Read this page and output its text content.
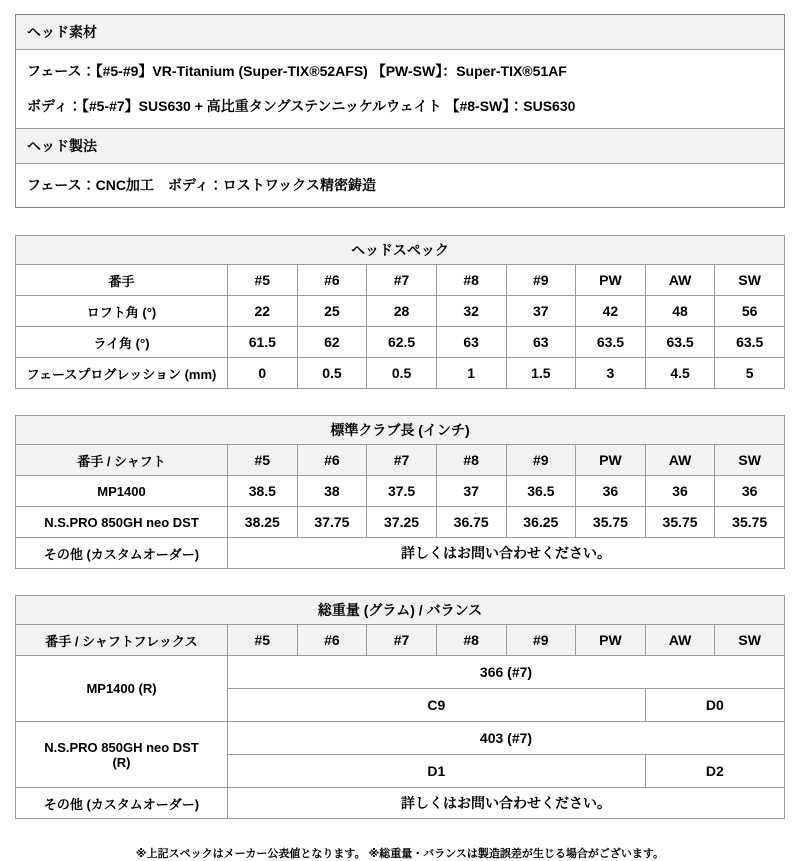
ヘッド素材

フェース：【#5-#9】VR-Titanium (Super-TIX®52AFS) 【PW-SW】：Super-TIX®51AF

ボディ：【#5-#7】SUS630 + 高比重タングステンニッケルウェイト 【#8-SW】：SUS630

ヘッド製法

フェース：CNC加工　ボディ：ロストワックス精密鋳造

ヘッドスペック								
番手	#5	#6	#7	#8	#9	PW	AW	SW
ロフト角 (°)	22	25	28	32	37	42	48	56
ライ角 (°)	61.5	62	62.5	63	63	63.5	63.5	63.5
フェースプログレッション (mm)	0	0.5	0.5	1	1.5	3	4.5	5
標準クラブ長 (インチ)								
番手 / シャフト	#5	#6	#7	#8	#9	PW	AW	SW
MP1400	38.5	38	37.5	37	36.5	36	36	36
N.S.PRO 850GH neo DST	38.25	37.75	37.25	36.75	36.25	35.75	35.75	35.75
その他 (カスタムオーダー)	詳しくはお問い合わせください。							
総重量 (グラム) / バランス								
番手 / シャフトフレックス	#5	#6	#7	#8	#9	PW	AW	SW
MP1400 (R)	366 (#7)							
	C9						D0	
N.S.PRO 850GH neo DST
(R)	403 (#7)							
	D1						D2	
その他 (カスタムオーダー)	詳しくはお問い合わせください。							
※上記スペックはメーカー公表値となります。 ※総重量・バランスは製造誤差が生じる場合がございます。
